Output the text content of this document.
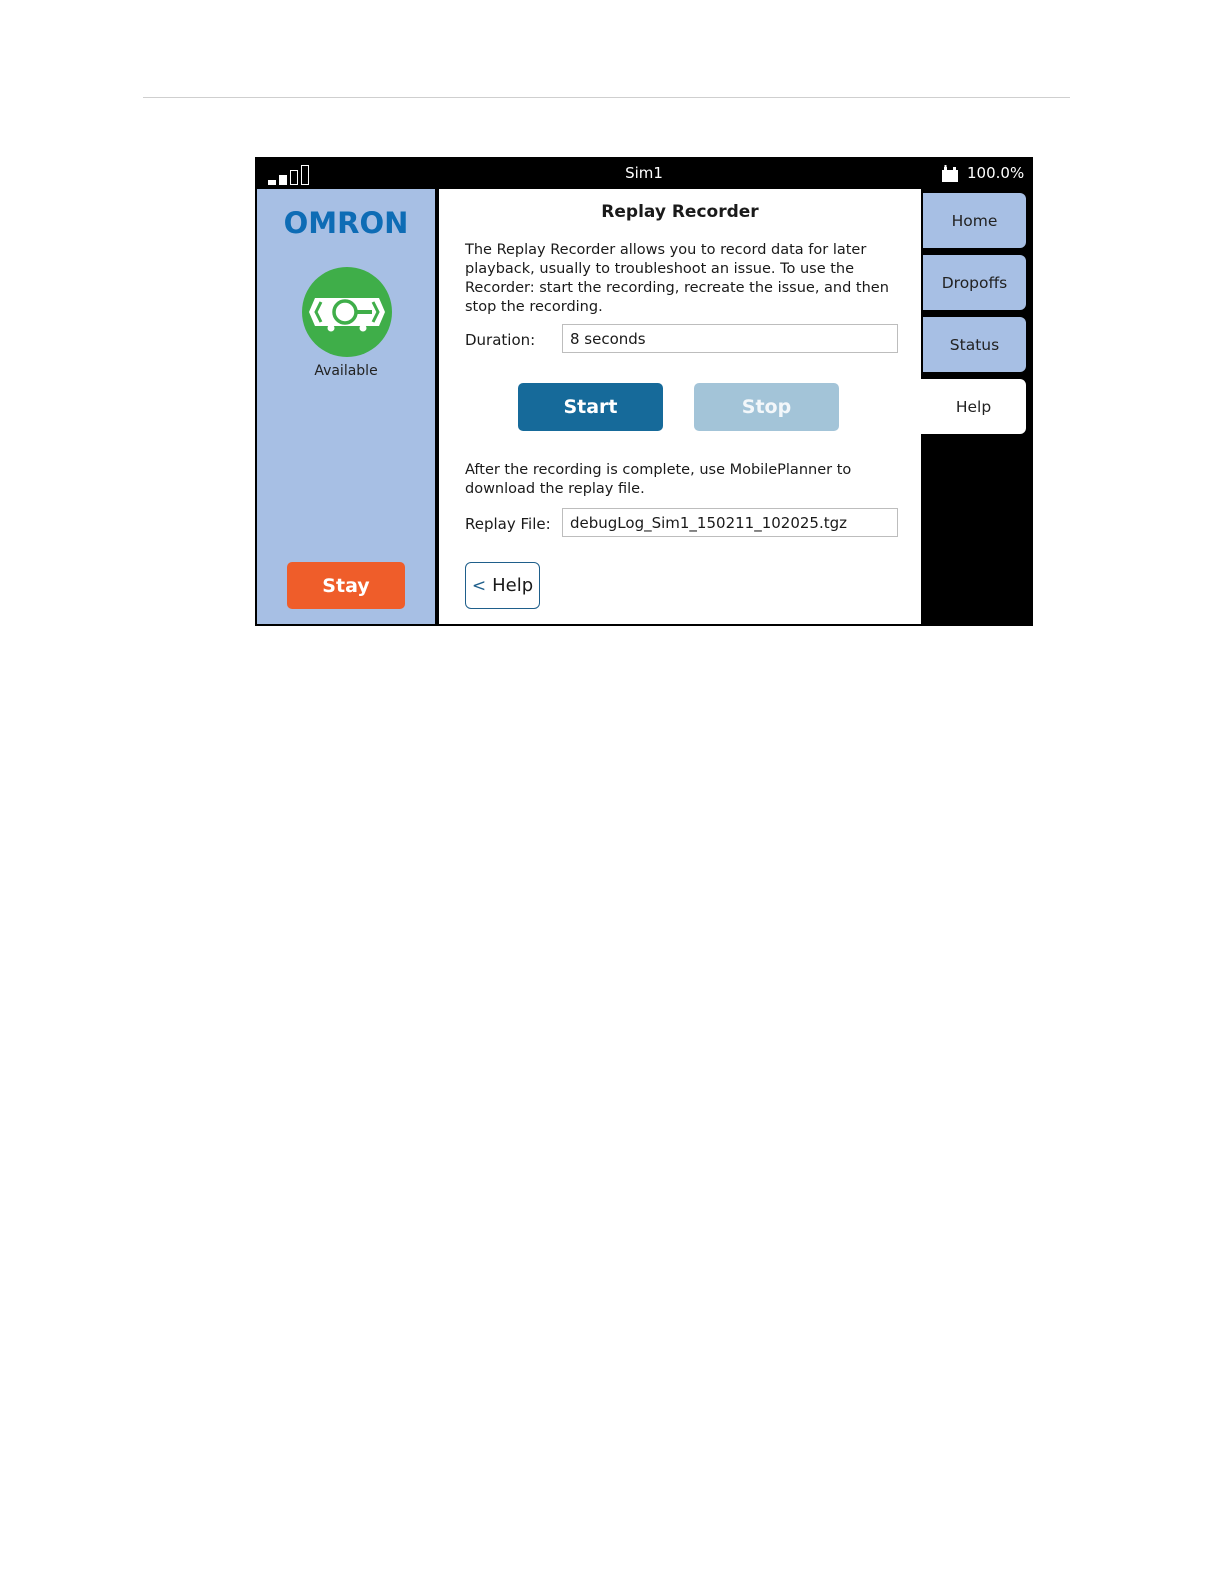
Sim1	100.0%
OMRON
Available
Stay
Replay Recorder
The Replay Recorder allows you to record data for later playback, usually to troubleshoot an issue. To use the Recorder: start the recording, recreate the issue, and then stop the recording.
Duration:	8 seconds
Start	Stop
After the recording is complete, use MobilePlanner to download the replay file.
Replay File:	debugLog_Sim1_150211_102025.tgz
< Help
Home
Dropoffs
Status
Help
